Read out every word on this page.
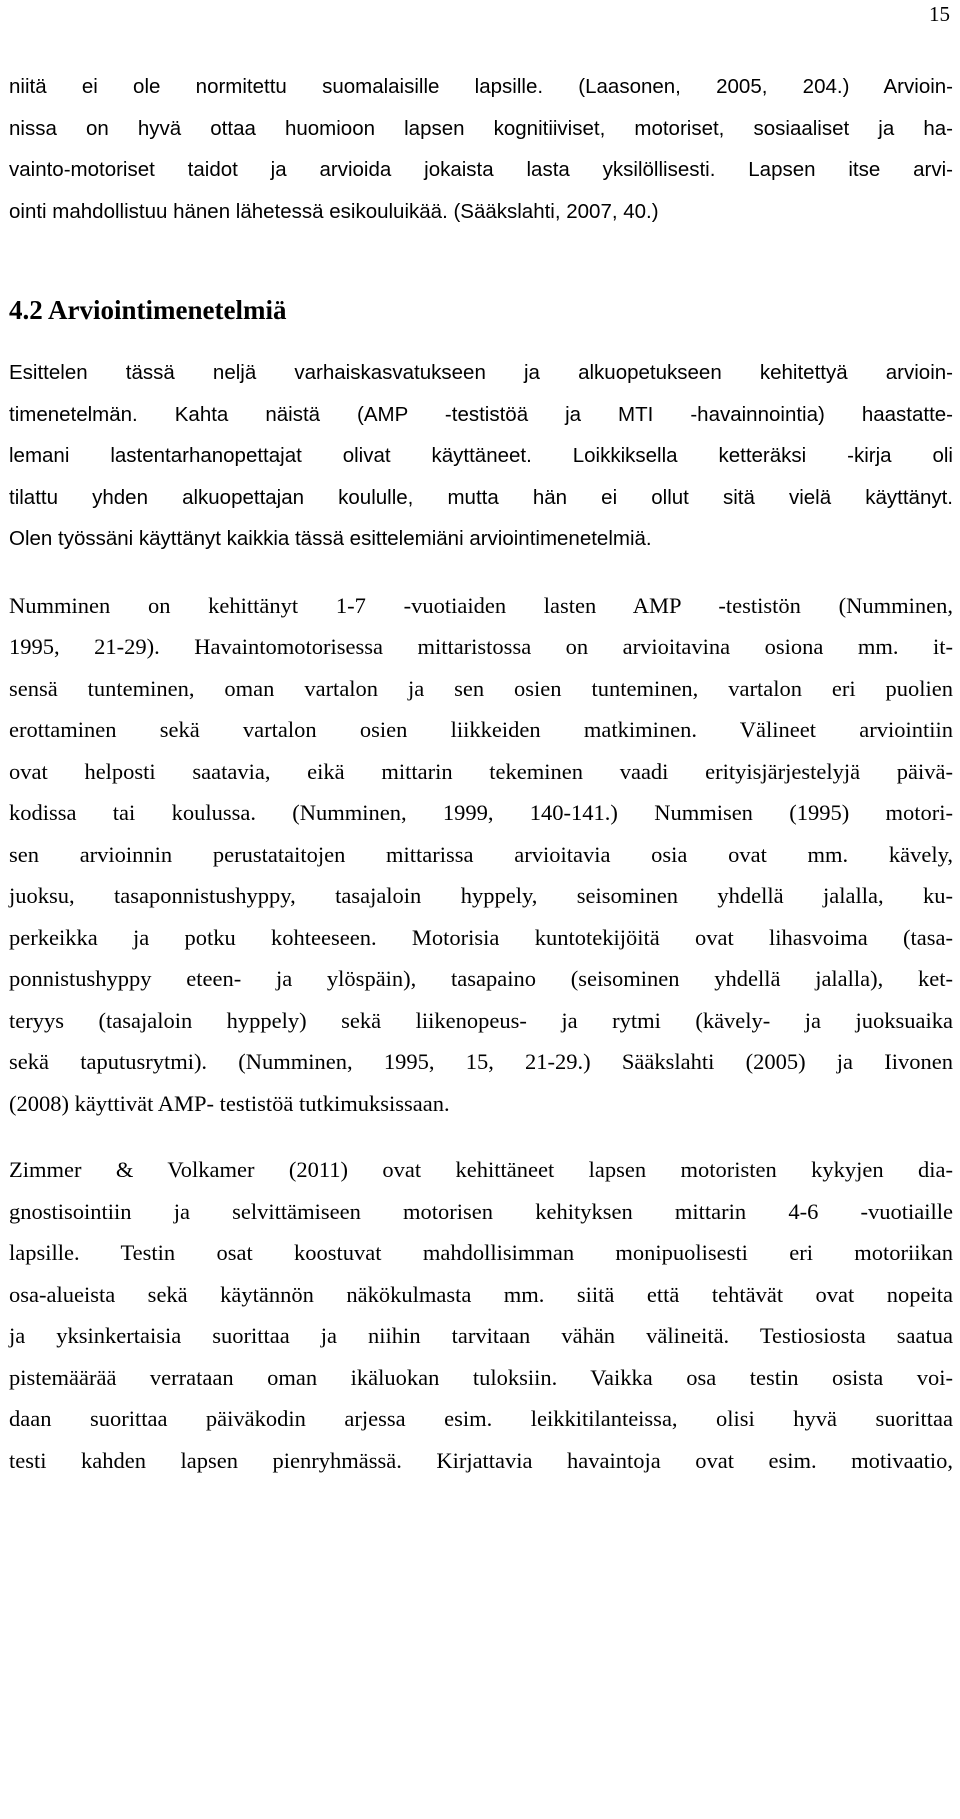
15
niitä ei ole normitettu suomalaisille lapsille. (Laasonen, 2005, 204.) Arvioin-
nissa on hyvä ottaa huomioon lapsen kognitiiviset, motoriset, sosiaaliset ja ha-
vainto-motoriset taidot ja arvioida jokaista lasta yksilöllisesti. Lapsen itse arvi-
ointi mahdollistuu hänen lähetessä esikouluikää. (Sääkslahti, 2007, 40.)
4.2 Arviointimenetelmiä
Esittelen tässä neljä varhaiskasvatukseen ja alkuopetukseen kehitettyä arvioin-
timenetelmän. Kahta näistä (AMP -testistöä ja MTI -havainnointia) haastatte-
lemani lastentarhanopettajat olivat käyttäneet. Loikkiksella ketteräksi -kirja oli
tilattu yhden alkuopettajan koululle, mutta hän ei ollut sitä vielä käyttänyt.
Olen työssäni käyttänyt kaikkia tässä esittelemiäni arviointimenetelmiä.
Numminen on kehittänyt 1-7 -vuotiaiden lasten AMP -testistön (Numminen,
1995, 21-29). Havaintomotorisessa mittaristossa on arvioitavina osiona mm. it-
sensä tunteminen, oman vartalon ja sen osien tunteminen, vartalon eri puolien
erottaminen sekä vartalon osien liikkeiden matkiminen. Välineet arviointiin
ovat helposti saatavia, eikä mittarin tekeminen vaadi erityisjärjestelyjä päivä-
kodissa tai koulussa. (Numminen, 1999, 140-141.) Nummisen (1995) motori-
sen arvioinnin perustataitojen mittarissa arvioitavia osia ovat mm. kävely,
juoksu, tasaponnistushyppy, tasajaloin hyppely, seisominen yhdellä jalalla, ku-
perkeikka ja potku kohteeseen. Motorisia kuntotekijöitä ovat lihasvoima (tasa-
ponnistushyppy eteen- ja ylöspäin), tasapaino (seisominen yhdellä jalalla), ket-
teryys (tasajaloin hyppely) sekä liikenopeus- ja rytmi (kävely- ja juoksuaika
sekä taputusrytmi). (Numminen, 1995, 15, 21-29.) Sääkslahti (2005) ja Iivonen
(2008) käyttivät AMP- testistöä tutkimuksissaan.
Zimmer & Volkamer (2011) ovat kehittäneet lapsen motoristen kykyjen dia-
gnostisointiin ja selvittämiseen motorisen kehityksen mittarin 4-6 -vuotiaille
lapsille. Testin osat koostuvat mahdollisimman monipuolisesti eri motoriikan
osa-alueista sekä käytännön näkökulmasta mm. siitä että tehtävät ovat nopeita
ja yksinkertaisia suorittaa ja niihin tarvitaan vähän välineitä. Testiosiosta saatua
pistemäärää verrataan oman ikäluokan tuloksiin. Vaikka osa testin osista voi-
daan suorittaa päiväkodin arjessa esim. leikkitilanteissa, olisi hyvä suorittaa
testi kahden lapsen pienryhmässä. Kirjattavia havaintoja ovat esim. motivaatio,
